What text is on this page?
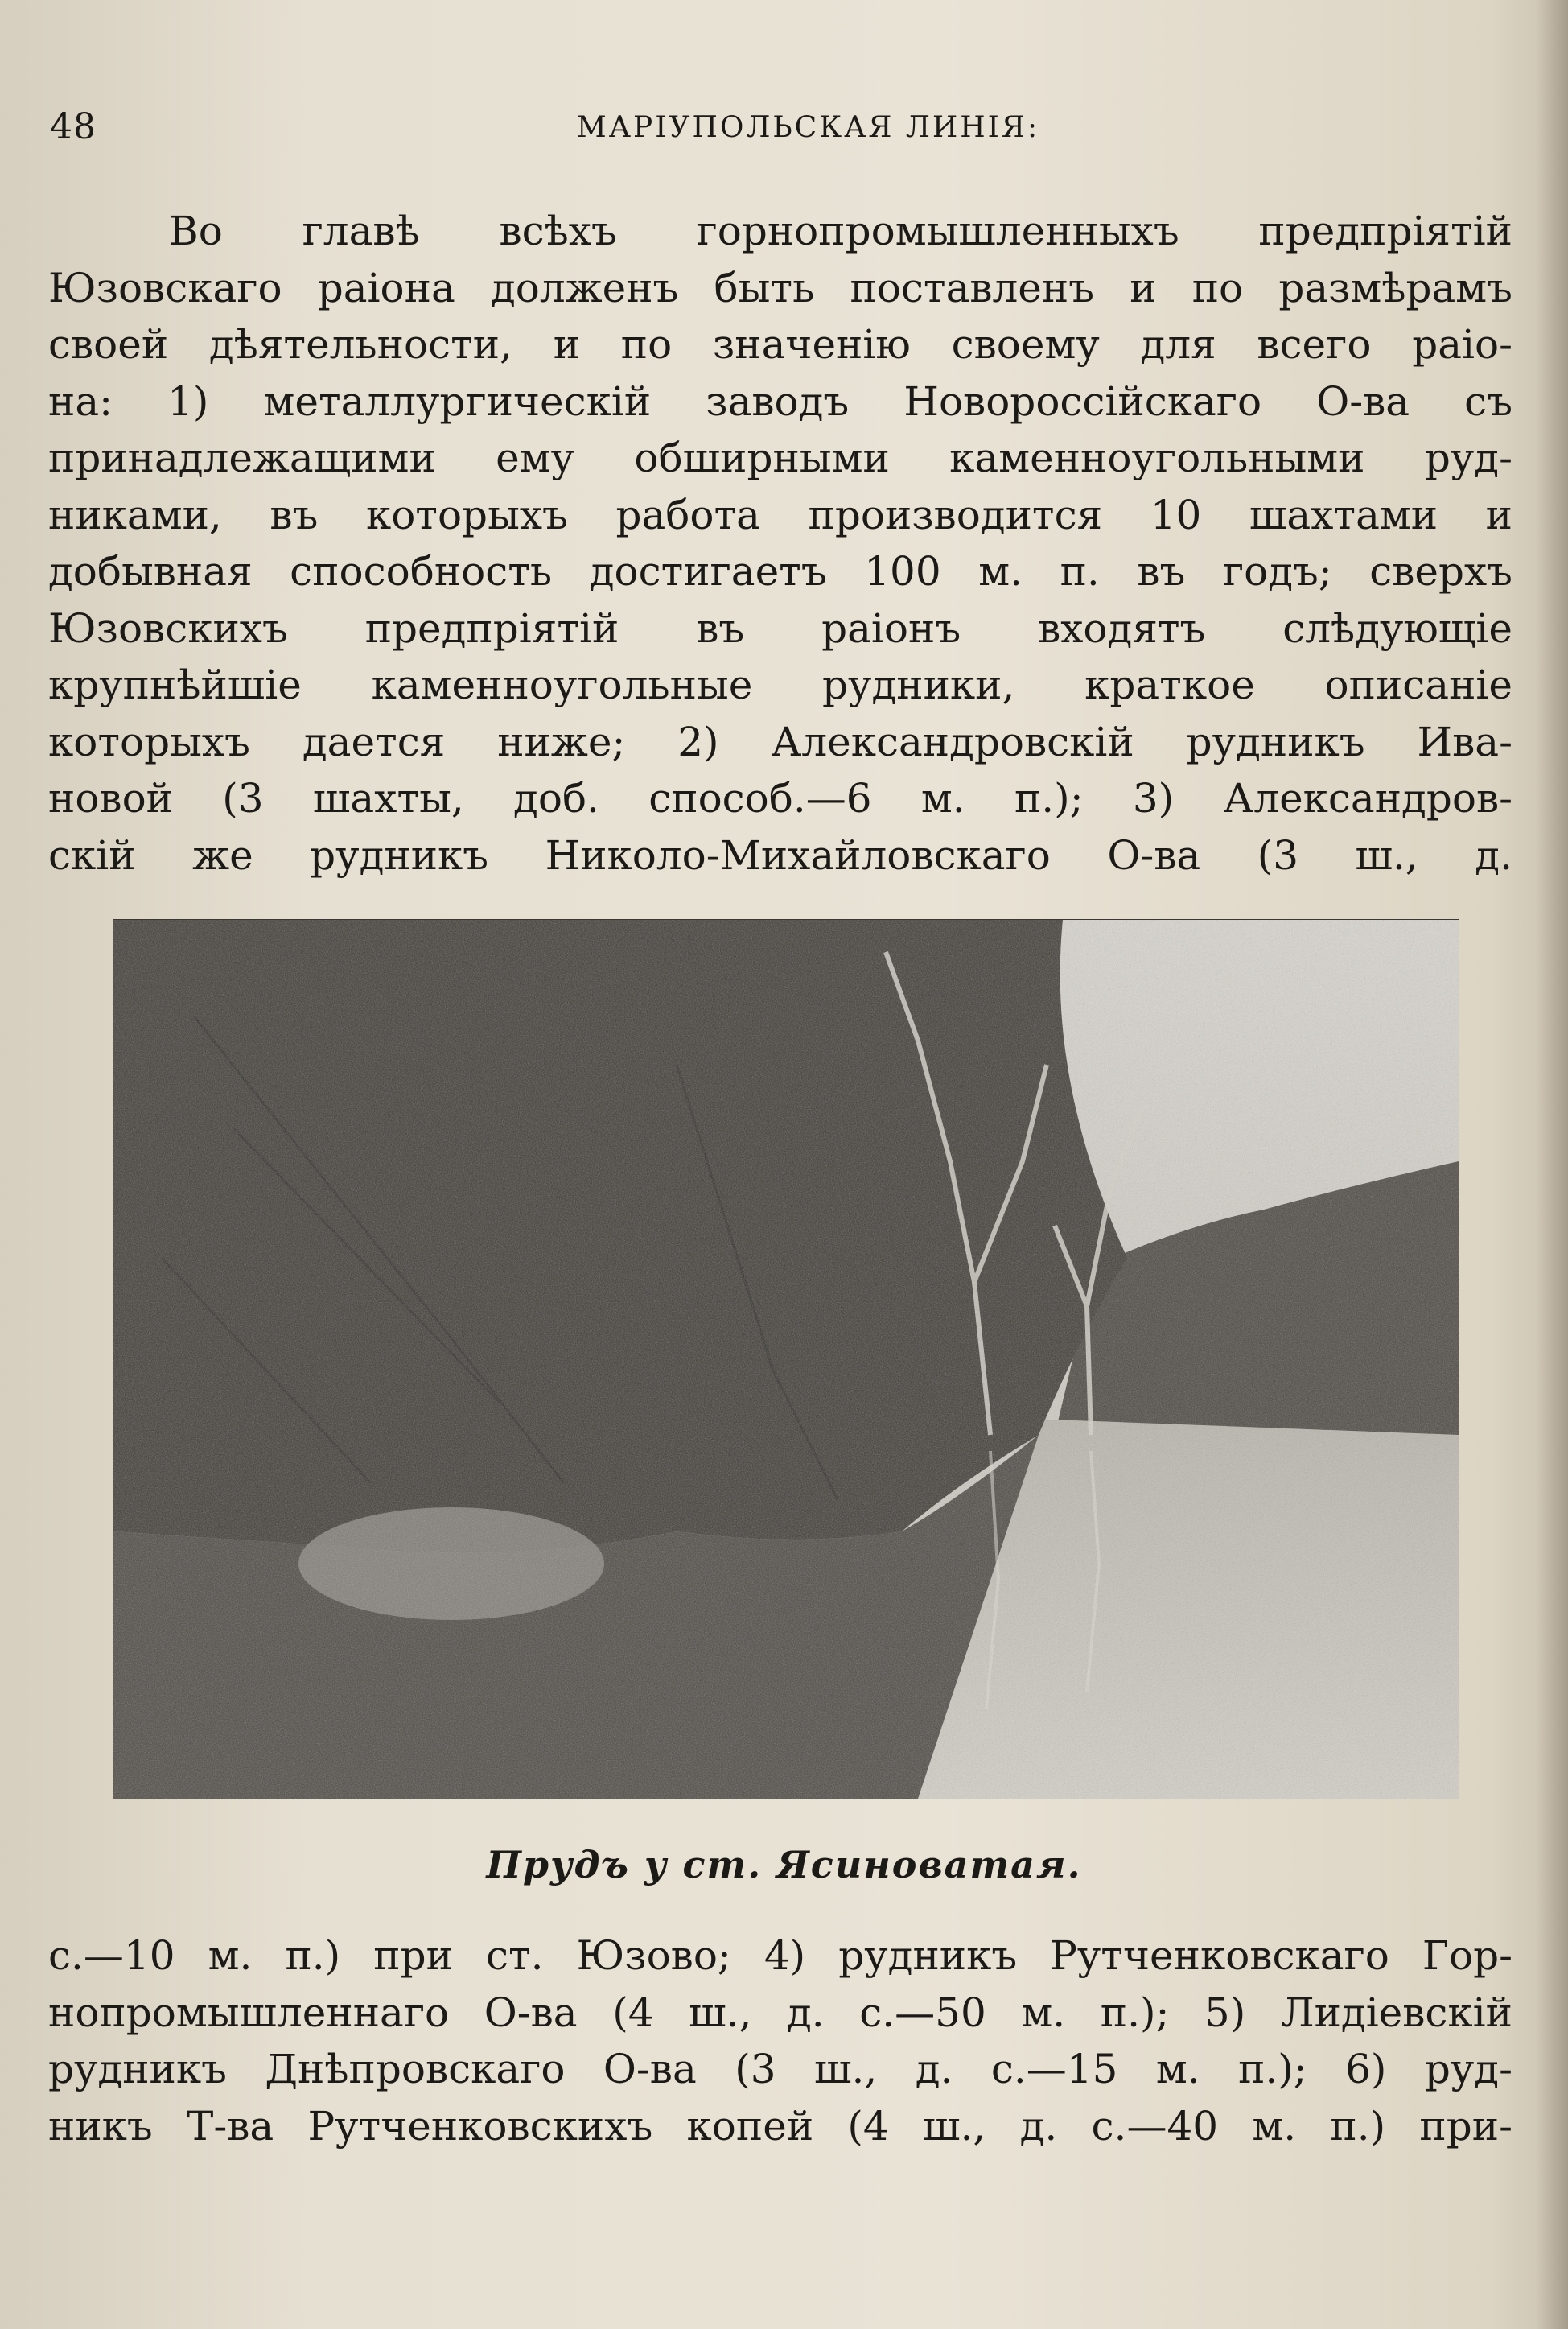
48	МАРІУПОЛЬСКАЯ ЛИНІЯ:
Во главѣ всѣхъ горнопромышленныхъ предпріятій
Юзовскаго раіона долженъ быть поставленъ и по размѣрамъ
своей дѣятельности, и по значенію своему для всего раіо-
на: 1) металлургическій заводъ Новороссійскаго О-ва съ
принадлежащими ему обширными каменноугольными руд-
никами, въ которыхъ работа производится 10 шахтами и
добывная способность достигаетъ 100 м. п. въ годъ; сверхъ
Юзовскихъ предпріятій въ раіонъ входятъ слѣдующіе
крупнѣйшіе каменноугольные рудники, краткое описаніе
которыхъ дается ниже; 2) Александровскій рудникъ Ива-
новой (3 шахты, доб. способ.—6 м. п.); 3) Александров-
скій же рудникъ Николо-Михайловскаго О-ва (3 ш., д.
Прудъ у ст. Ясиноватая.
с.—10 м. п.) при ст. Юзово; 4) рудникъ Рутченковскаго Гор-
нопромышленнаго О-ва (4 ш., д. с.—50 м. п.); 5) Лидіевскій
рудникъ Днѣпровскаго О-ва (3 ш., д. с.—15 м. п.); 6) руд-
никъ Т-ва Рутченковскихъ копей (4 ш., д. с.—40 м. п.) при-
